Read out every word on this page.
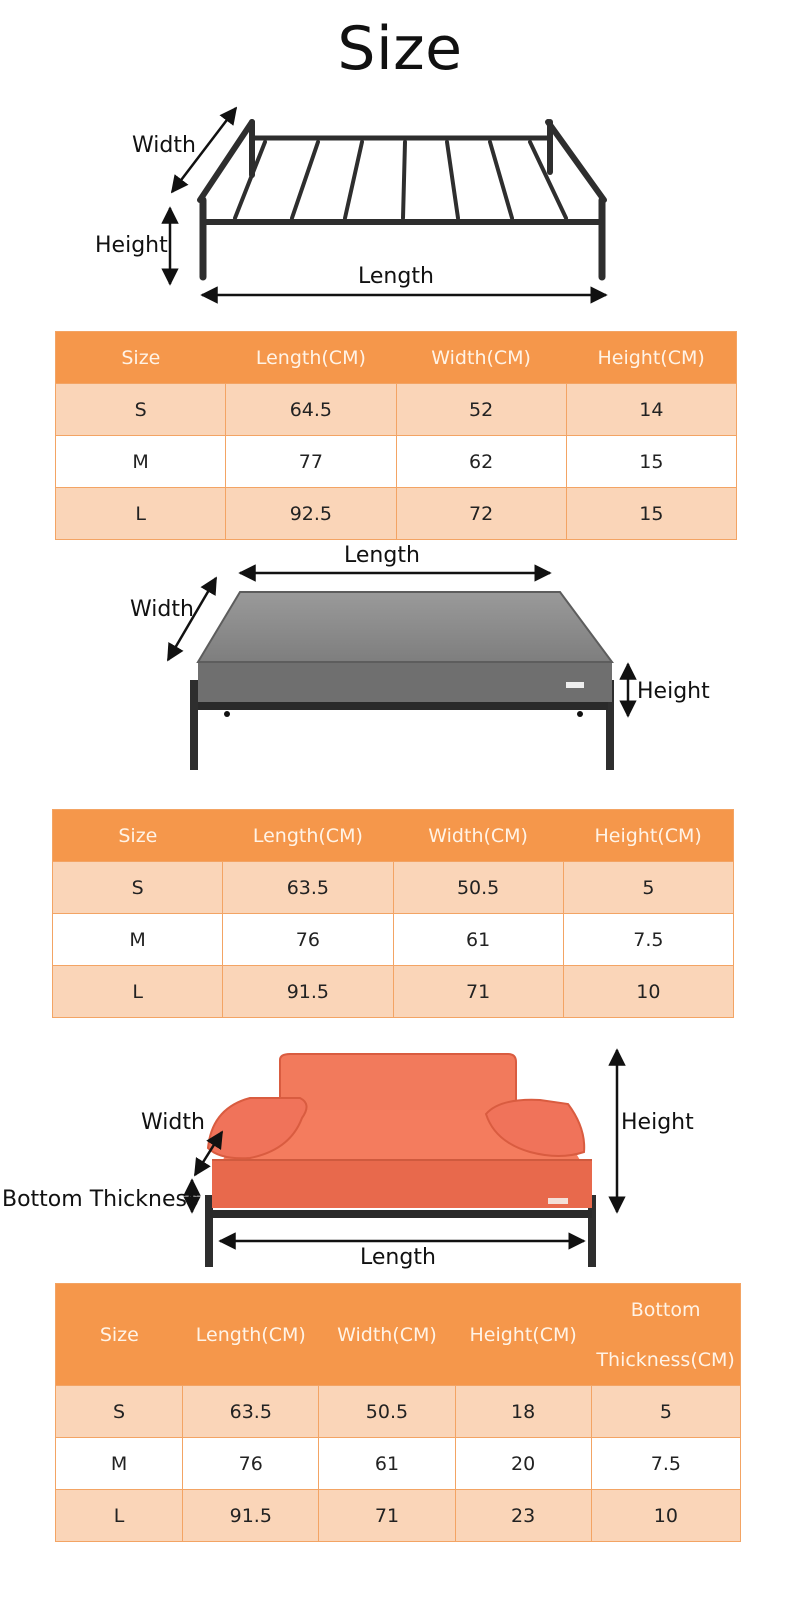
Size
Width
Height
Length
Size	Length(CM)	Width(CM)	Height(CM)
S	64.5	52	14
M	77	62	15
L	92.5	72	15
Length
Width
Height
Size	Length(CM)	Width(CM)	Height(CM)
S	63.5	50.5	5
M	76	61	7.5
L	91.5	71	10
Width
Bottom Thickness
Height
Length
Size	Length(CM)	Width(CM)	Height(CM)	Bottom
Thickness(CM)

S	63.5	50.5	18	5
M	76	61	20	7.5
L	91.5	71	23	10
